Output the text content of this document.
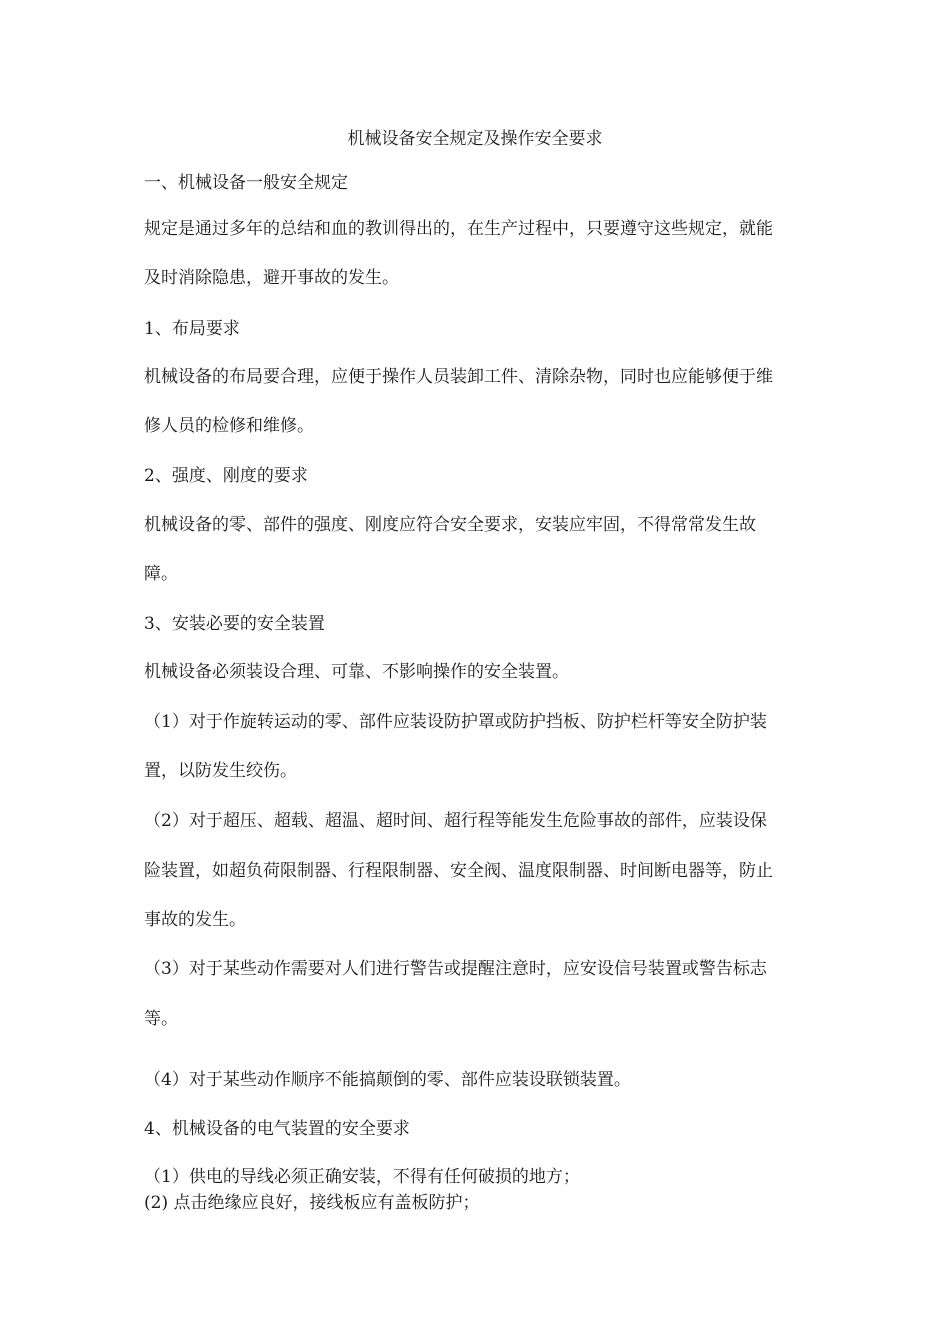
机械设备安全规定及操作安全要求
一、机械设备一般安全规定
规定是通过多年的总结和血的教训得出的，在生产过程中，只要遵守这些规定，就能
及时消除隐患，避开事故的发生。
1、布局要求
机械设备的布局要合理，应便于操作人员装卸工件、清除杂物，同时也应能够便于维
修人员的检修和维修。
2、强度、刚度的要求
机械设备的零、部件的强度、刚度应符合安全要求，安装应牢固，不得常常发生故
障。
3、安装必要的安全装置
机械设备必须装设合理、可靠、不影响操作的安全装置。
（1）对于作旋转运动的零、部件应装设防护罩或防护挡板、防护栏杆等安全防护装
置，以防发生绞伤。
（2）对于超压、超载、超温、超时间、超行程等能发生危险事故的部件，应装设保
险装置，如超负荷限制器、行程限制器、安全阀、温度限制器、时间断电器等，防止
事故的发生。
（3）对于某些动作需要对人们进行警告或提醒注意时，应安设信号装置或警告标志
等。
（4）对于某些动作顺序不能搞颠倒的零、部件应装设联锁装置。
4、机械设备的电气装置的安全要求
（1）供电的导线必须正确安装，不得有任何破损的地方；
(2) 点击绝缘应良好，接线板应有盖板防护；
